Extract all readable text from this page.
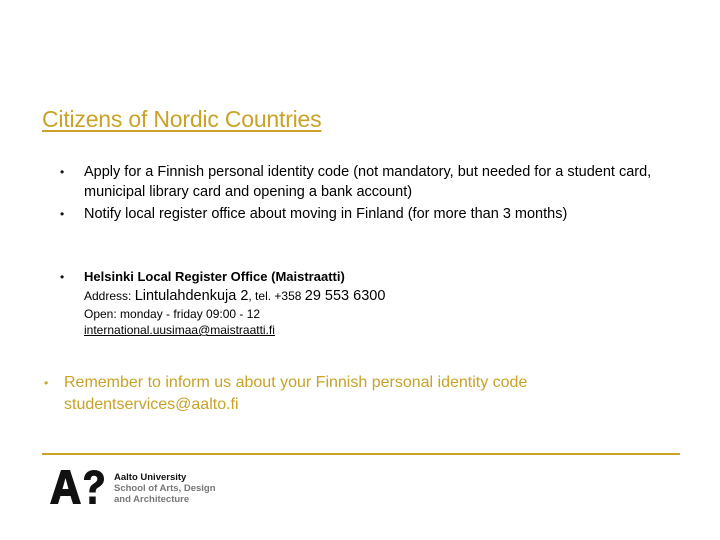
Citizens of Nordic Countries
• Apply for a Finnish personal identity code (not mandatory, but needed for a student card, municipal library card and opening a bank account)
• Notify local register office about moving in Finland (for more than 3 months)
• Helsinki Local Register Office (Maistraatti)
Address: Lintulahdenkuja 2, tel. +358 29 553 6300
Open: monday - friday 09:00 - 12
international.uusimaa@maistraatti.fi
• Remember to inform us about your Finnish personal identity code
studentservices@aalto.fi
Aalto University
School of Arts, Design
and Architecture
